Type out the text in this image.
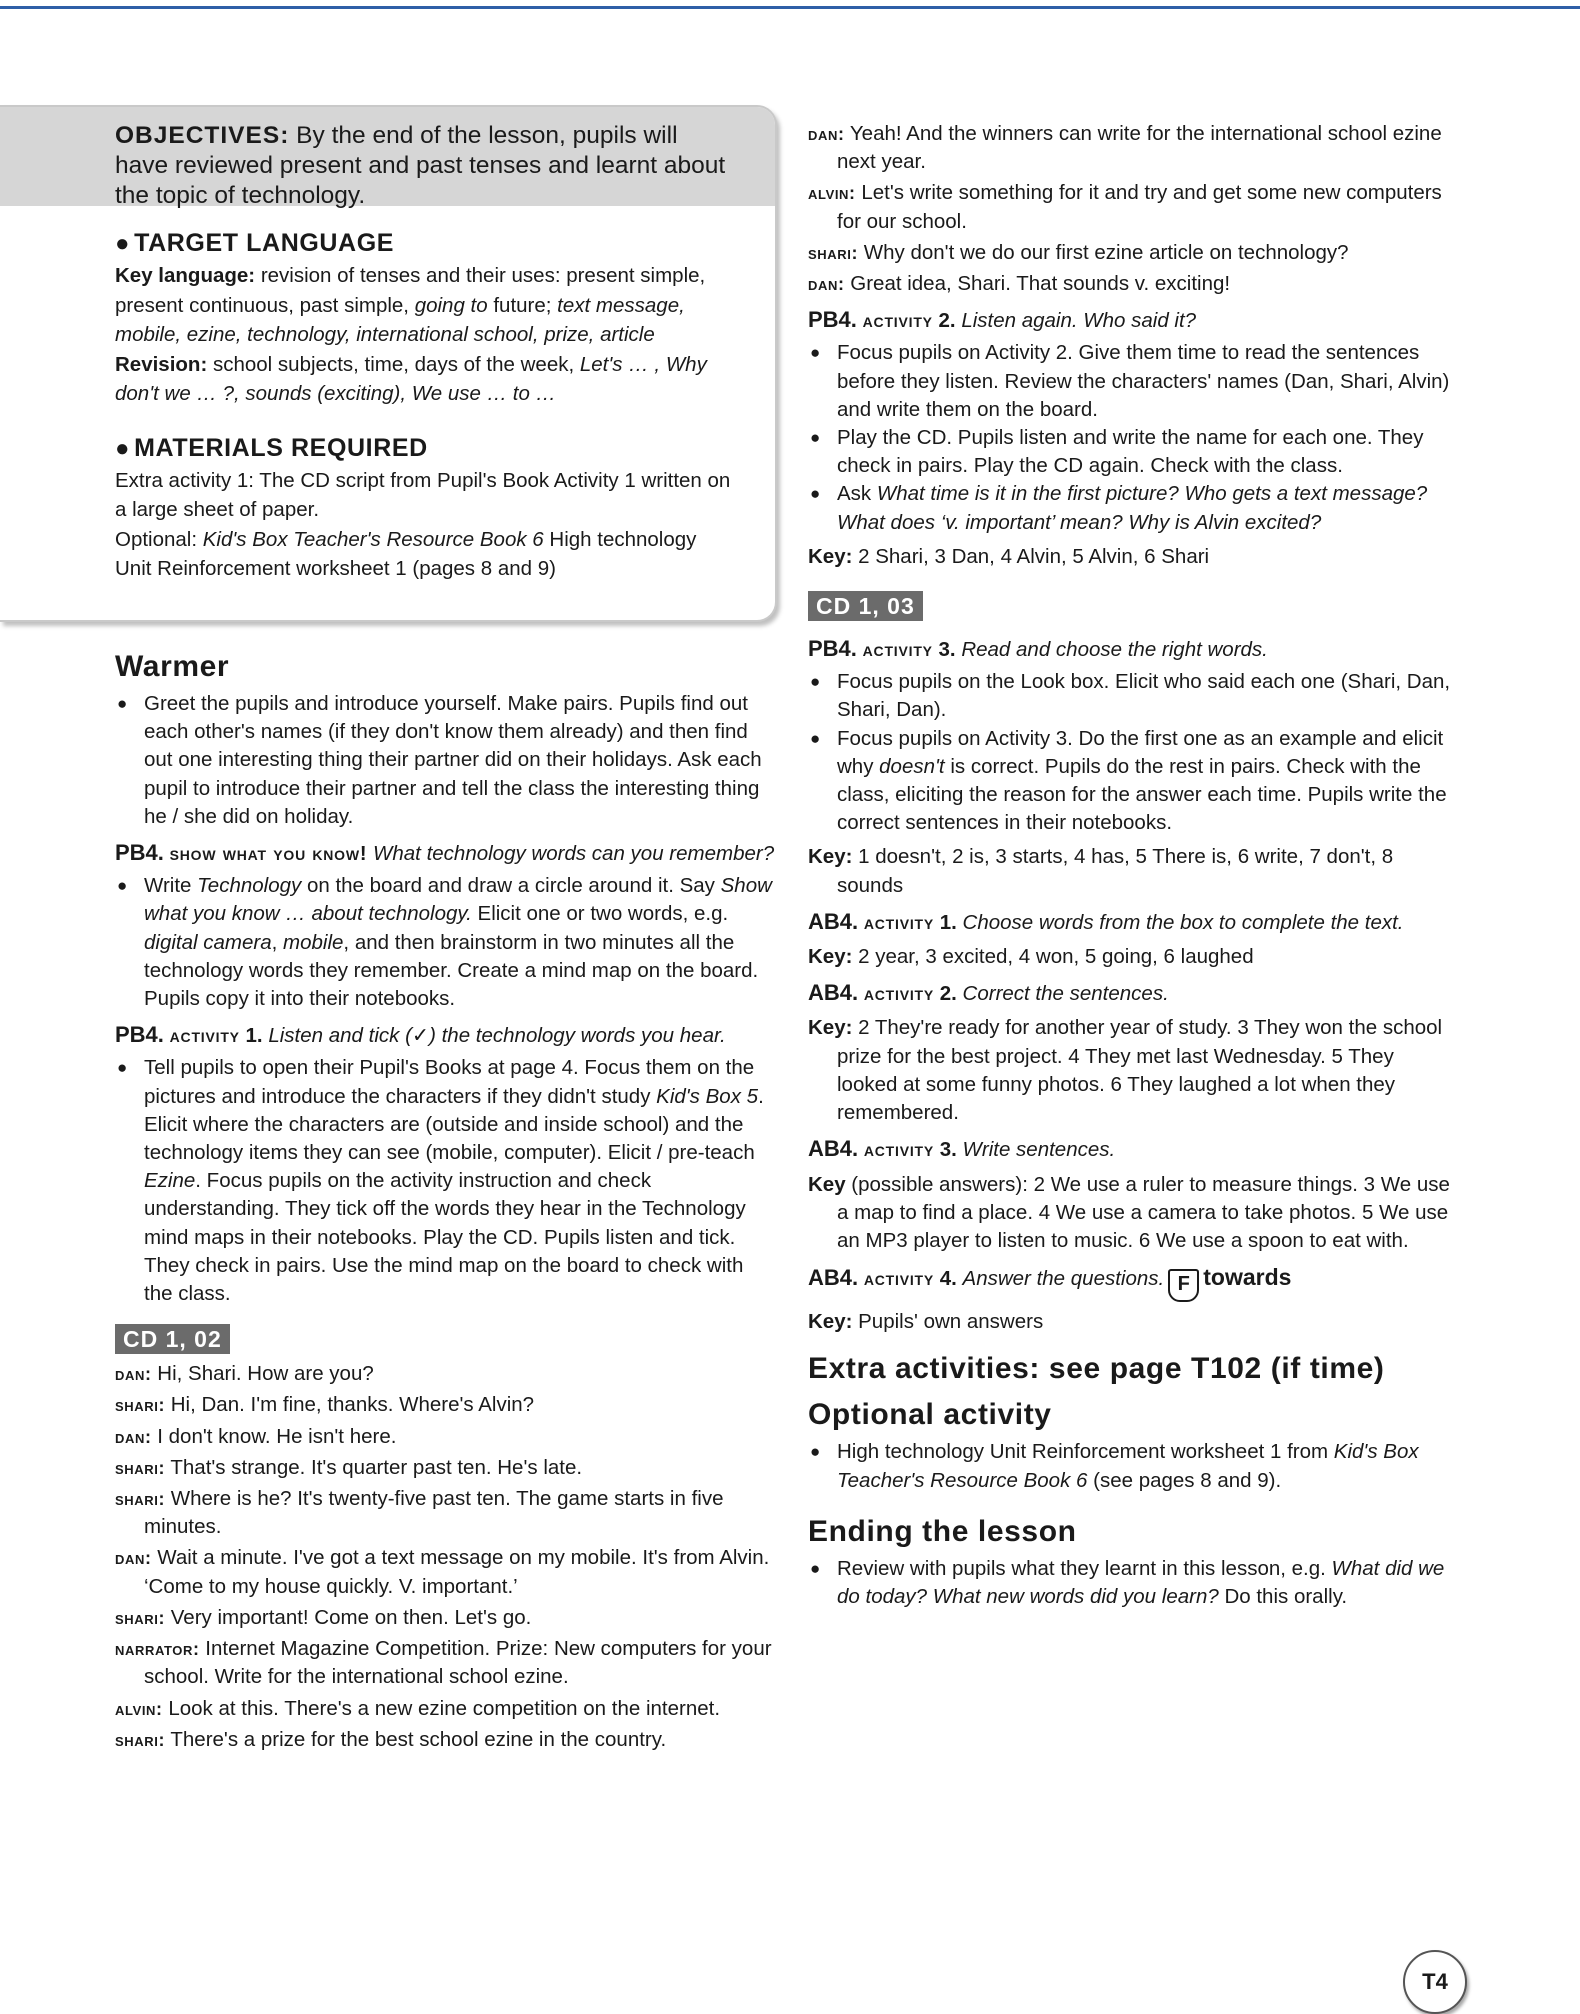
OBJECTIVES: By the end of the lesson, pupils will have reviewed present and past tenses and learnt about the topic of technology.
● TARGET LANGUAGE

Key language: revision of tenses and their uses: present simple, present continuous, past simple, going to future; text message, mobile, ezine, technology, international school, prize, article

Revision: school subjects, time, days of the week, Let's … , Why don't we … ?, sounds (exciting), We use … to …

● MATERIALS REQUIRED

Extra activity 1: The CD script from Pupil's Book Activity 1 written on a large sheet of paper.

Optional: Kid's Box Teacher's Resource Book 6 High technology Unit Reinforcement worksheet 1 (pages 8 and 9)

Warmer

● Greet the pupils and introduce yourself. Make pairs. Pupils find out each other's names (if they don't know them already) and then find out one interesting thing their partner did on their holidays. Ask each pupil to introduce their partner and tell the class the interesting thing he / she did on holiday.

PB4. show what you know! What technology words can you remember?

● Write Technology on the board and draw a circle around it. Say Show what you know … about technology. Elicit one or two words, e.g. digital camera, mobile, and then brainstorm in two minutes all the technology words they remember. Create a mind map on the board. Pupils copy it into their notebooks.

PB4. activity 1. Listen and tick (✓) the technology words you hear.

● Tell pupils to open their Pupil's Books at page 4. Focus them on the pictures and introduce the characters if they didn't study Kid's Box 5. Elicit where the characters are (outside and inside school) and the technology items they can see (mobile, computer). Elicit / pre-teach Ezine. Focus pupils on the activity instruction and check understanding. They tick off the words they hear in the Technology mind maps in their notebooks. Play the CD. Pupils listen and tick. They check in pairs. Use the mind map on the board to check with the class.

CD 1, 02

dan: Hi, Shari. How are you?

shari: Hi, Dan. I'm fine, thanks. Where's Alvin?

dan: I don't know. He isn't here.

shari: That's strange. It's quarter past ten. He's late.

shari: Where is he? It's twenty-five past ten. The game starts in five minutes.

dan: Wait a minute. I've got a text message on my mobile. It's from Alvin. ‘Come to my house quickly. V. important.’

shari: Very important! Come on then. Let's go.

narrator: Internet Magazine Competition. Prize: New computers for your school. Write for the international school ezine.

alvin: Look at this. There's a new ezine competition on the internet.

shari: There's a prize for the best school ezine in the country.

dan: Yeah! And the winners can write for the international school ezine next year.

alvin: Let's write something for it and try and get some new computers for our school.

shari: Why don't we do our first ezine article on technology?

dan: Great idea, Shari. That sounds v. exciting!

PB4. activity 2. Listen again. Who said it?

● Focus pupils on Activity 2. Give them time to read the sentences before they listen. Review the characters' names (Dan, Shari, Alvin) and write them on the board.

● Play the CD. Pupils listen and write the name for each one. They check in pairs. Play the CD again. Check with the class.

● Ask What time is it in the first picture? Who gets a text message? What does ‘v. important’ mean? Why is Alvin excited?

Key: 2 Shari, 3 Dan, 4 Alvin, 5 Alvin, 6 Shari

CD 1, 03

PB4. activity 3. Read and choose the right words.

● Focus pupils on the Look box. Elicit who said each one (Shari, Dan, Shari, Dan).

● Focus pupils on Activity 3. Do the first one as an example and elicit why doesn't is correct. Pupils do the rest in pairs. Check with the class, eliciting the reason for the answer each time. Pupils write the correct sentences in their notebooks.

Key: 1 doesn't, 2 is, 3 starts, 4 has, 5 There is, 6 write, 7 don't, 8 sounds

AB4. activity 1. Choose words from the box to complete the text.

Key: 2 year, 3 excited, 4 won, 5 going, 6 laughed

AB4. activity 2. Correct the sentences.

Key: 2 They're ready for another year of study. 3 They won the school prize for the best project. 4 They met last Wednesday. 5 They looked at some funny photos. 6 They laughed a lot when they remembered.

AB4. activity 3. Write sentences.

Key (possible answers): 2 We use a ruler to measure things. 3 We use a map to find a place. 4 We use a camera to take photos. 5 We use an MP3 player to listen to music. 6 We use a spoon to eat with.

AB4. activity 4. Answer the questions. F towards

Key: Pupils' own answers

Extra activities: see page T102 (if time)
Optional activity

● High technology Unit Reinforcement worksheet 1 from Kid's Box Teacher's Resource Book 6 (see pages 8 and 9).

Ending the lesson

● Review with pupils what they learnt in this lesson, e.g. What did we do today? What new words did you learn? Do this orally.

T4
